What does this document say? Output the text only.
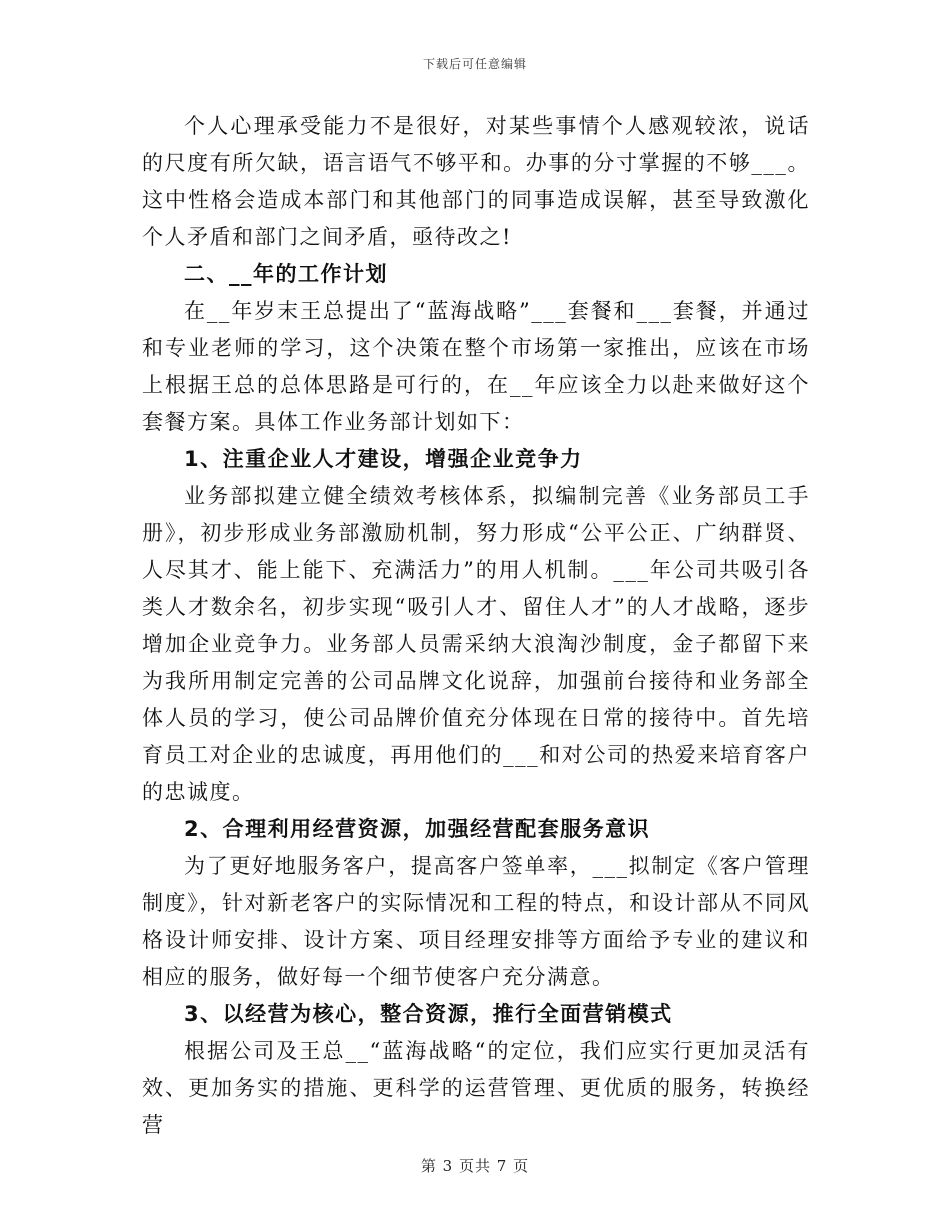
下载后可任意编辑

个人心理承受能力不是很好，对某些事情个人感观较浓，说话的尺度有所欠缺，语言语气不够平和。办事的分寸掌握的不够___。这中性格会造成本部门和其他部门的同事造成误解，甚至导致激化个人矛盾和部门之间矛盾，亟待改之!

二、__年的工作计划

在__年岁末王总提出了“蓝海战略”___套餐和___套餐，并通过和专业老师的学习，这个决策在整个市场第一家推出，应该在市场上根据王总的总体思路是可行的，在__年应该全力以赴来做好这个套餐方案。具体工作业务部计划如下：

1、注重企业人才建设，增强企业竞争力

业务部拟建立健全绩效考核体系，拟编制完善《业务部员工手册》，初步形成业务部激励机制，努力形成“公平公正、广纳群贤、人尽其才、能上能下、充满活力”的用人机制。___年公司共吸引各类人才数余名，初步实现“吸引人才、留住人才”的人才战略，逐步增加企业竞争力。业务部人员需采纳大浪淘沙制度，金子都留下来为我所用制定完善的公司品牌文化说辞，加强前台接待和业务部全体人员的学习，使公司品牌价值充分体现在日常的接待中。首先培育员工对企业的忠诚度，再用他们的___和对公司的热爱来培育客户的忠诚度。

2、合理利用经营资源，加强经营配套服务意识

为了更好地服务客户，提高客户签单率，___拟制定《客户管理制度》，针对新老客户的实际情况和工程的特点，和设计部从不同风格设计师安排、设计方案、项目经理安排等方面给予专业的建议和相应的服务，做好每一个细节使客户充分满意。

3、以经营为核心，整合资源，推行全面营销模式

根据公司及王总__“蓝海战略“的定位，我们应实行更加灵活有效、更加务实的措施、更科学的运营管理、更优质的服务，转换经营

第 3 页共 7 页
